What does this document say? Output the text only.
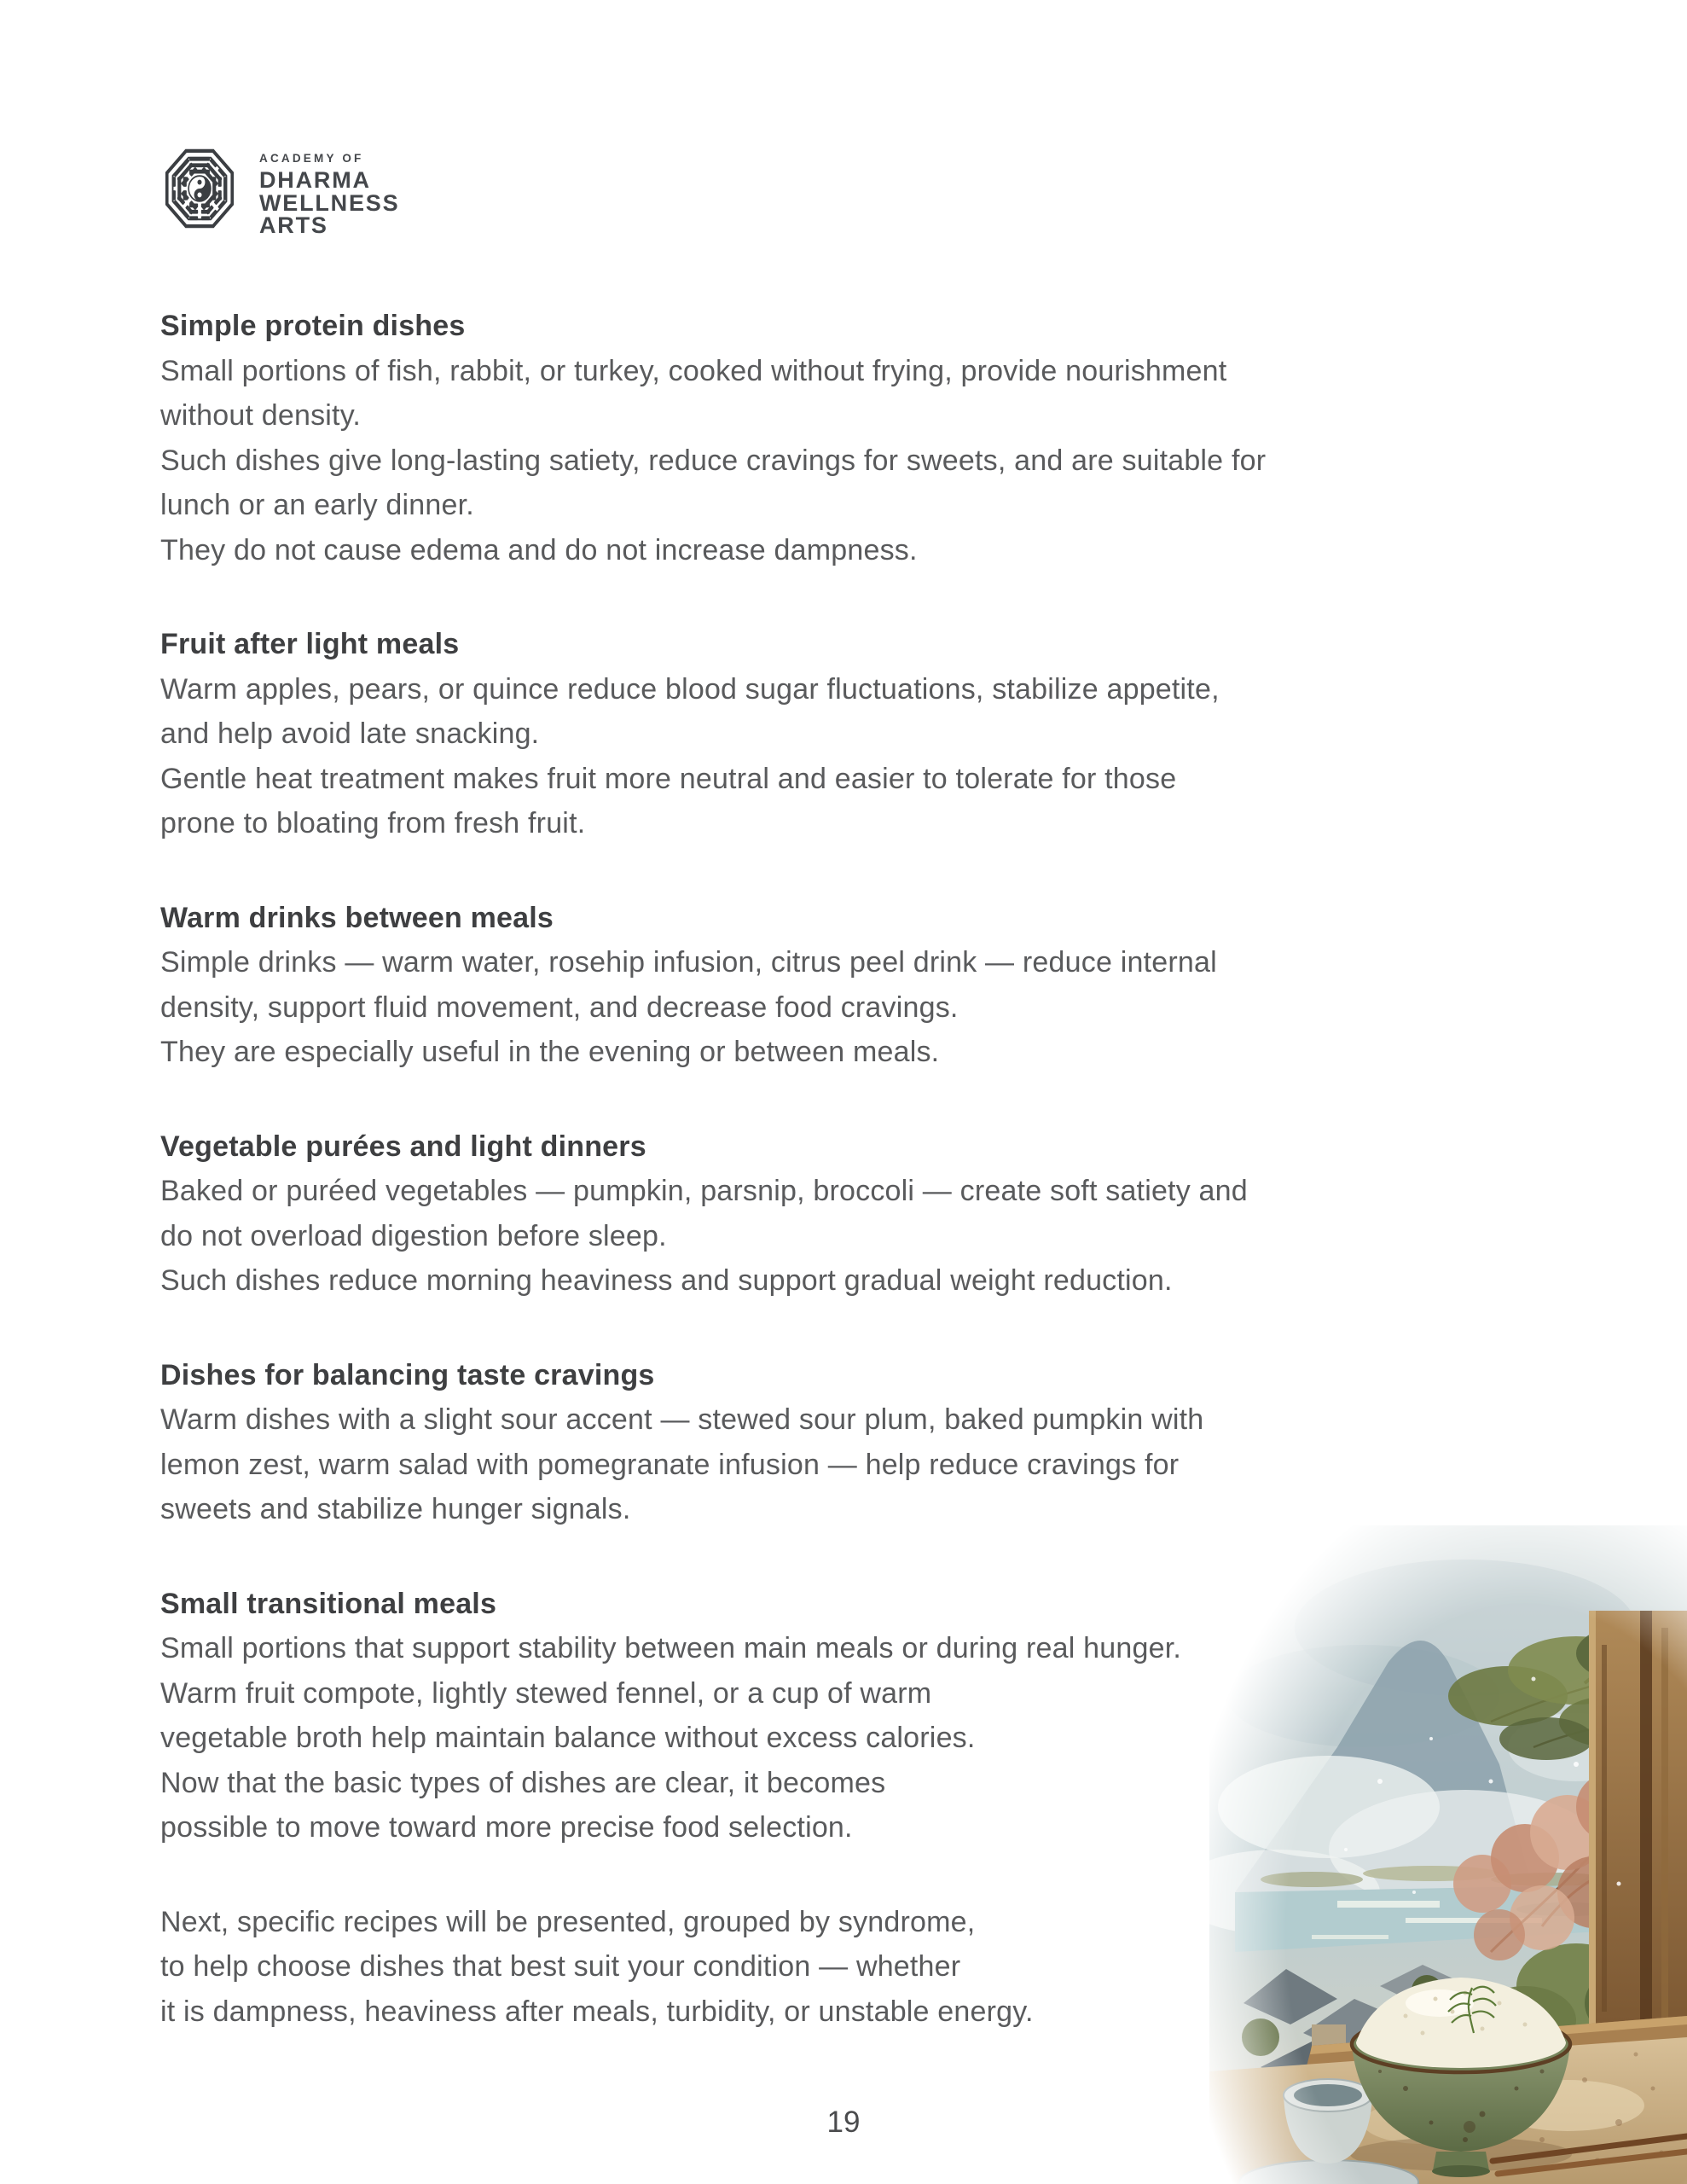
ACADEMY OF
DHARMA
WELLNESS
ARTS
Simple protein dishes
Small portions of fish, rabbit, or turkey, cooked without frying, provide nourishment
without density.
Such dishes give long-lasting satiety, reduce cravings for sweets, and are suitable for
lunch or an early dinner.
They do not cause edema and do not increase dampness.
Fruit after light meals
Warm apples, pears, or quince reduce blood sugar fluctuations, stabilize appetite,
and help avoid late snacking.
Gentle heat treatment makes fruit more neutral and easier to tolerate for those
prone to bloating from fresh fruit.
Warm drinks between meals
Simple drinks — warm water, rosehip infusion, citrus peel drink — reduce internal
density, support fluid movement, and decrease food cravings.
They are especially useful in the evening or between meals.
Vegetable purées and light dinners
Baked or puréed vegetables — pumpkin, parsnip, broccoli — create soft satiety and
do not overload digestion before sleep.
Such dishes reduce morning heaviness and support gradual weight reduction.
Dishes for balancing taste cravings
Warm dishes with a slight sour accent — stewed sour plum, baked pumpkin with
lemon zest, warm salad with pomegranate infusion — help reduce cravings for
sweets and stabilize hunger signals.
Small transitional meals
Small portions that support stability between main meals or during real hunger.
Warm fruit compote, lightly stewed fennel, or a cup of warm
vegetable broth help maintain balance without excess calories.
Now that the basic types of dishes are clear, it becomes
possible to move toward more precise food selection.
Next, specific recipes will be presented, grouped by syndrome,
to help choose dishes that best suit your condition — whether
it is dampness, heaviness after meals, turbidity, or unstable energy.
19
